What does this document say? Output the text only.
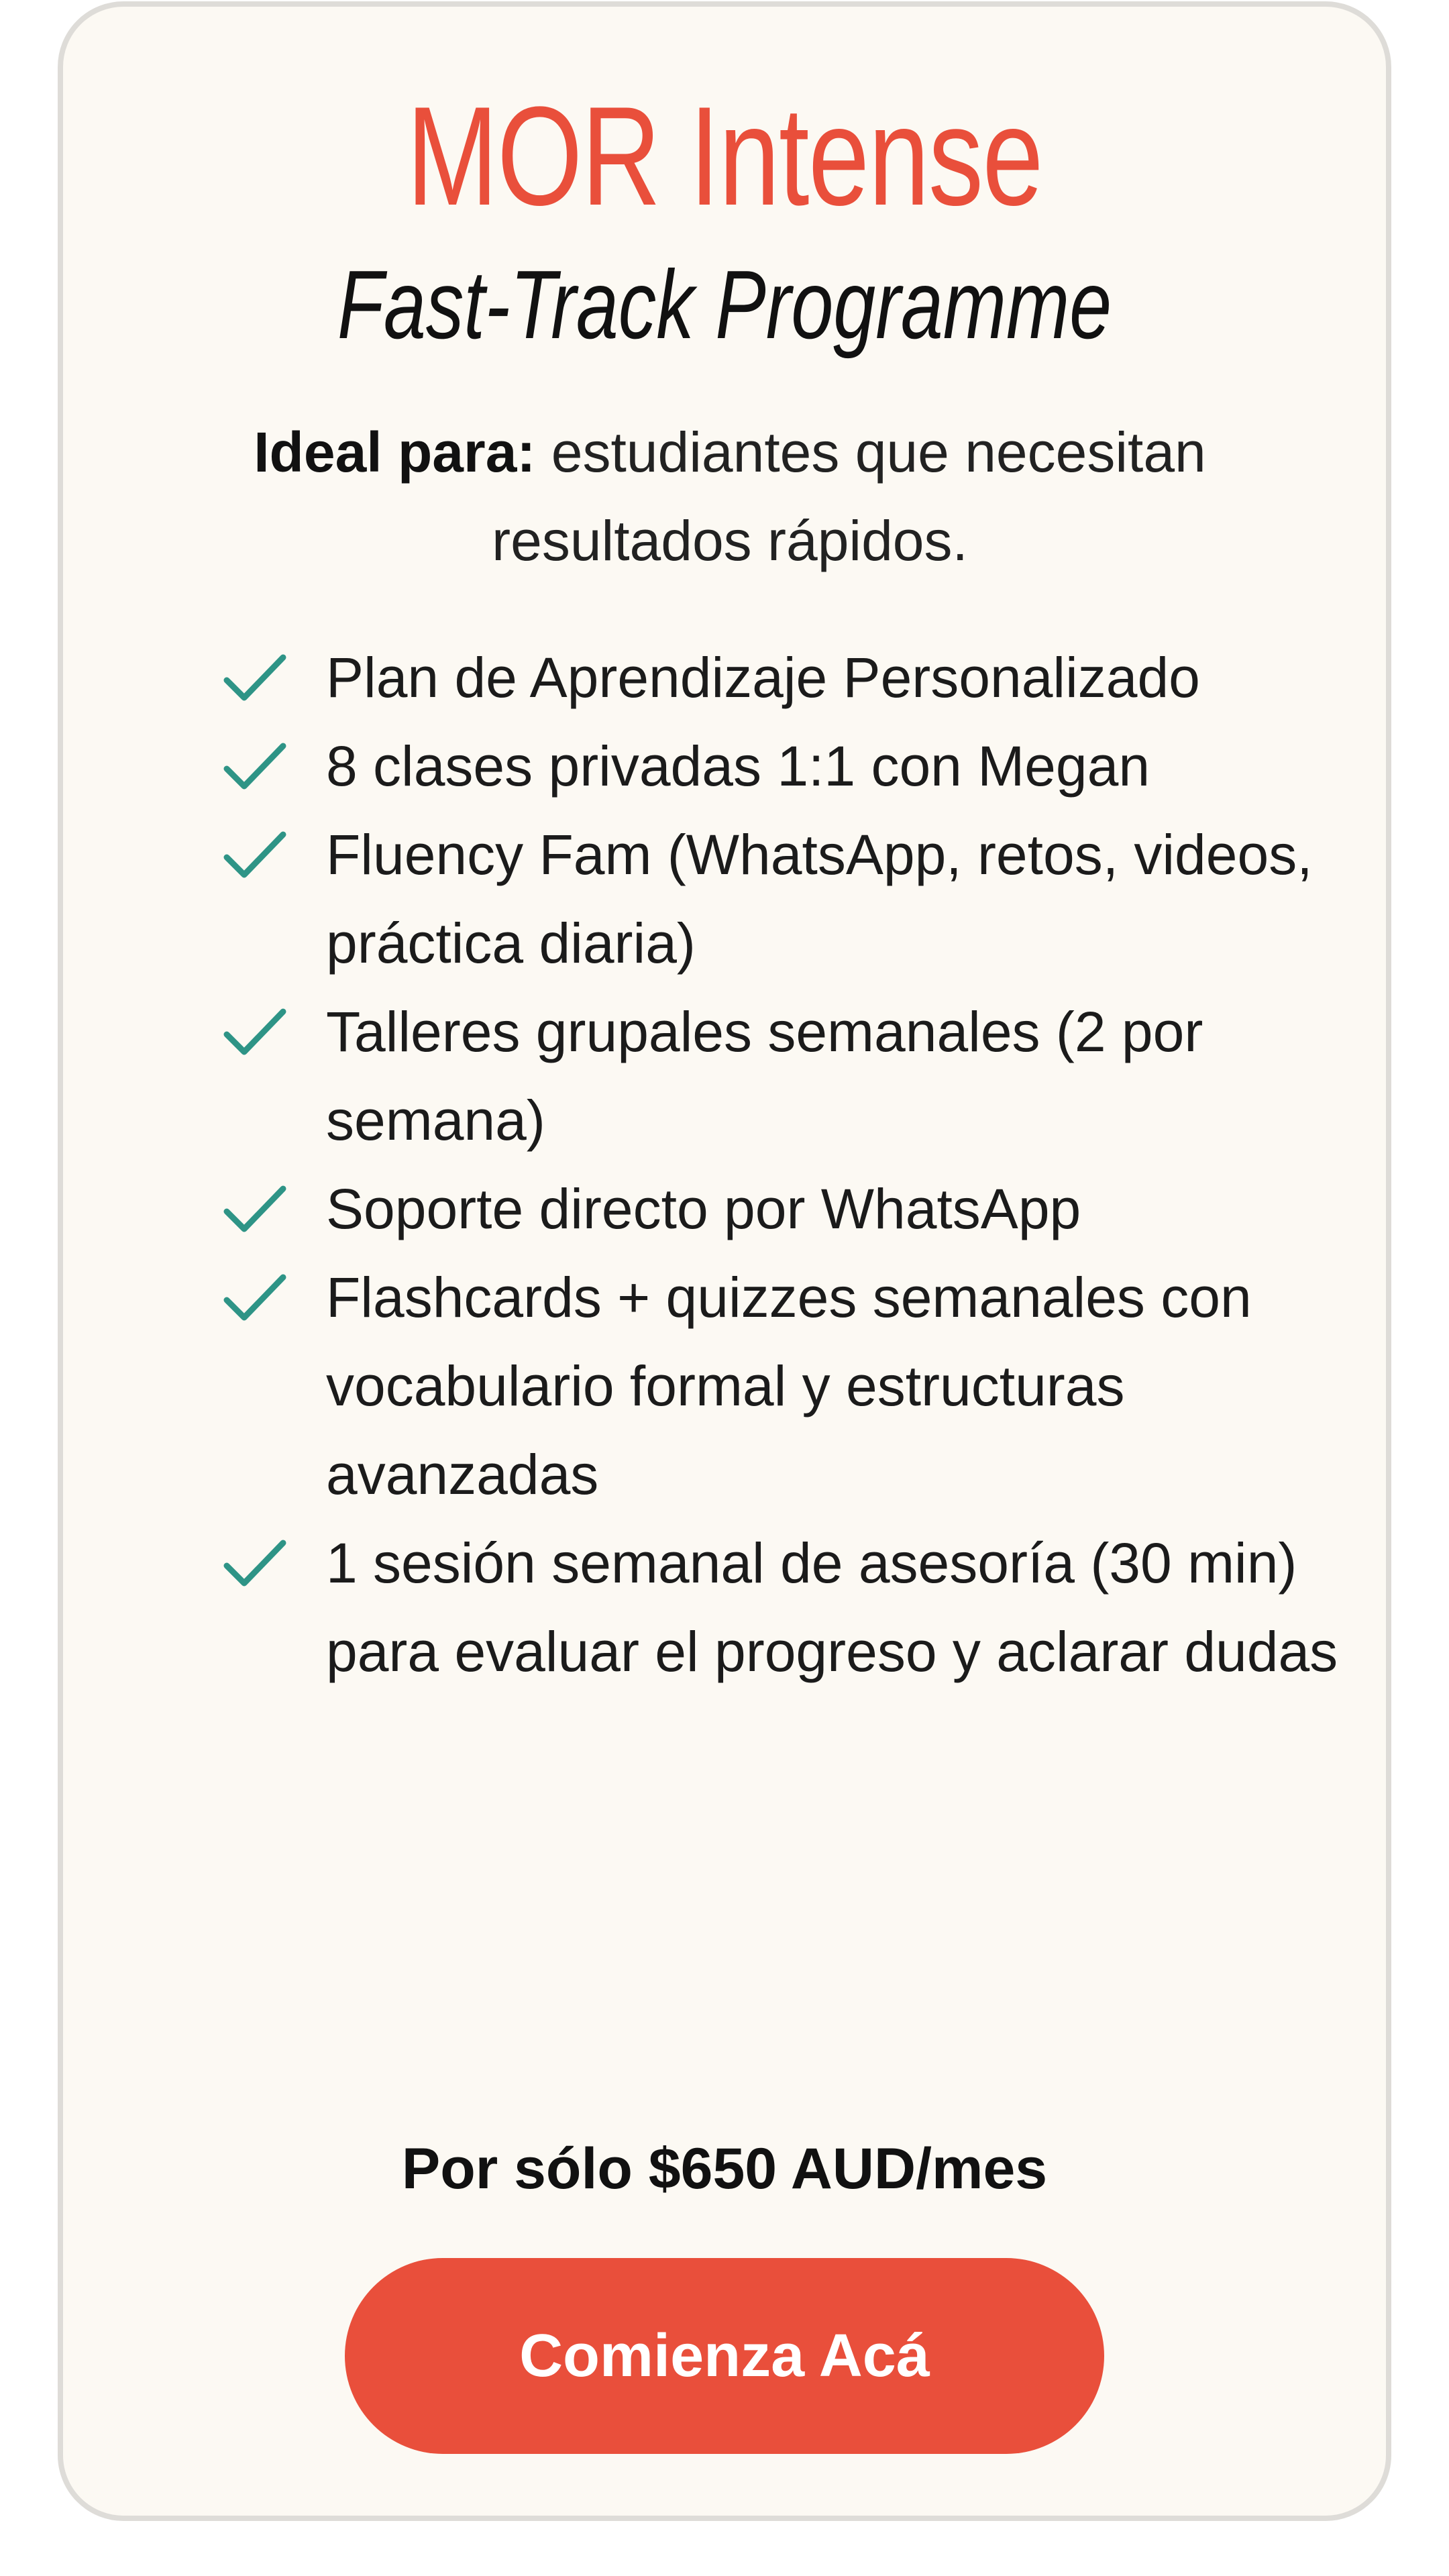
MOR Intense
Fast-Track Programme
Ideal para: estudiantes que necesitan resultados rápidos.
Plan de Aprendizaje Personalizado
8 clases privadas 1:1 con Megan
Fluency Fam (WhatsApp, retos, videos, práctica diaria)
Talleres grupales semanales (2 por semana)
Soporte directo por WhatsApp
Flashcards + quizzes semanales con vocabulario formal y estructuras avanzadas
1 sesión semanal de asesoría (30 min) para evaluar el progreso y aclarar dudas
Por sólo $650 AUD/mes
Comienza Acá
